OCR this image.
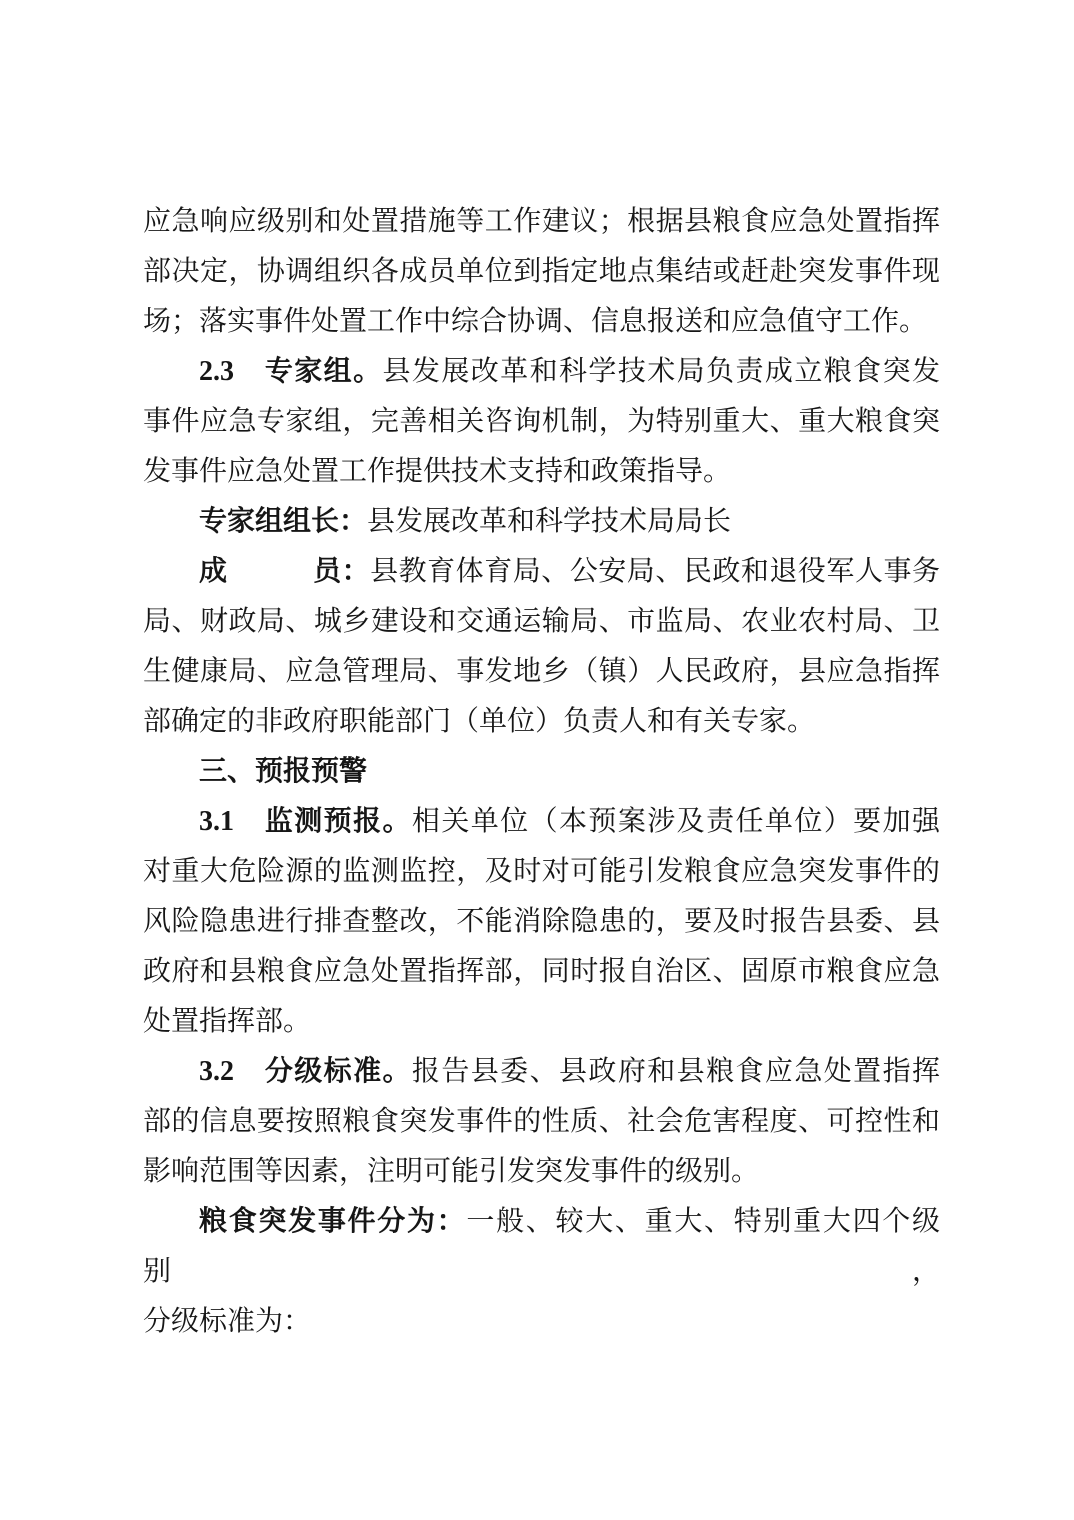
应急响应级别和处置措施等工作建议；根据县粮食应急处置指挥
部决定，协调组织各成员单位到指定地点集结或赶赴突发事件现
场；落实事件处置工作中综合协调、信息报送和应急值守工作。
2.3　专家组。县发展改革和科学技术局负责成立粮食突发
事件应急专家组，完善相关咨询机制，为特别重大、重大粮食突
发事件应急处置工作提供技术支持和政策指导。
专家组组长：县发展改革和科学技术局局长
成　　　员：县教育体育局、公安局、民政和退役军人事务
局、财政局、城乡建设和交通运输局、市监局、农业农村局、卫
生健康局、应急管理局、事发地乡（镇）人民政府，县应急指挥
部确定的非政府职能部门（单位）负责人和有关专家。
三、预报预警
3.1　监测预报。相关单位（本预案涉及责任单位）要加强
对重大危险源的监测监控，及时对可能引发粮食应急突发事件的
风险隐患进行排查整改，不能消除隐患的，要及时报告县委、县
政府和县粮食应急处置指挥部，同时报自治区、固原市粮食应急
处置指挥部。
3.2　分级标准。报告县委、县政府和县粮食应急处置指挥
部的信息要按照粮食突发事件的性质、社会危害程度、可控性和
影响范围等因素，注明可能引发突发事件的级别。
粮食突发事件分为：一般、较大、重大、特别重大四个级别，
分级标准为：
